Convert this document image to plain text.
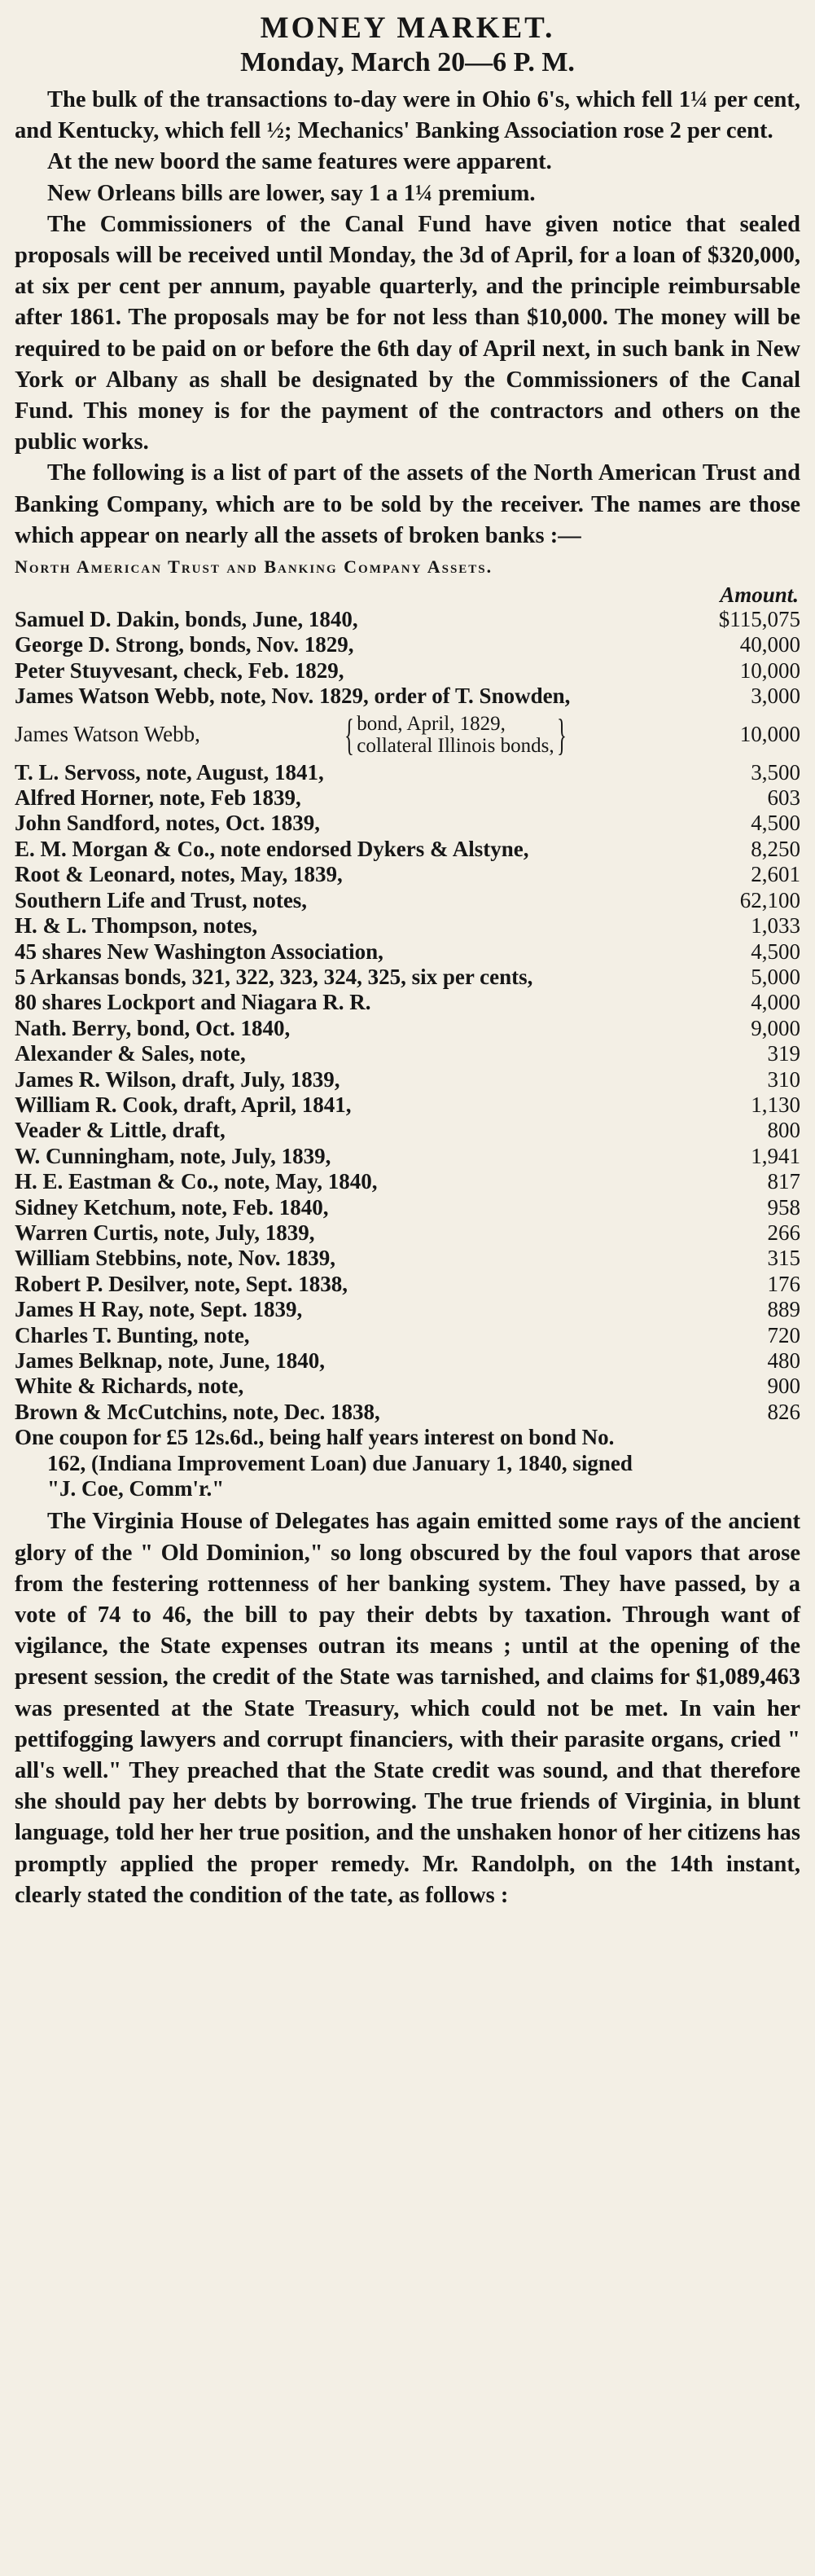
MONEY MARKET.
Monday, March 20—6 P. M.

The bulk of the transactions to-day were in Ohio 6's, which fell 1¼ per cent, and Kentucky, which fell ½; Mechanics' Banking Association rose 2 per cent.

At the new boord the same features were apparent.

New Orleans bills are lower, say 1 a 1¼ premium.

The Commissioners of the Canal Fund have given notice that sealed proposals will be received until Monday, the 3d of April, for a loan of $320,000, at six per cent per annum, payable quarterly, and the principle reimbursable after 1861. The proposals may be for not less than $10,000. The money will be required to be paid on or before the 6th day of April next, in such bank in New York or Albany as shall be designated by the Commissioners of the Canal Fund. This money is for the payment of the contractors and others on the public works.

The following is a list of part of the assets of the North American Trust and Banking Company, which are to be sold by the receiver. The names are those which appear on nearly all the assets of broken banks :—

North American Trust and Banking Company Assets.
Amount.
Samuel D. Dakin, bonds, June, 1840,	$115,075
George D. Strong, bonds, Nov. 1829,	40,000
Peter Stuyvesant, check, Feb. 1829,	10,000
James Watson Webb, note, Nov. 1829, order of T. Snowden,	3,000
James Watson Webb,	{ bond, April, 1829,
collateral Illinois bonds, }	10,000
T. L. Servoss, note, August, 1841,	3,500
Alfred Horner, note, Feb 1839,	603
John Sandford, notes, Oct. 1839,	4,500
E. M. Morgan & Co., note endorsed Dykers & Alstyne,	8,250
Root & Leonard, notes, May, 1839,	2,601
Southern Life and Trust, notes,	62,100
H. & L. Thompson, notes,	1,033
45 shares New Washington Association,	4,500
5 Arkansas bonds, 321, 322, 323, 324, 325, six per cents,	5,000
80 shares Lockport and Niagara R. R.	4,000
Nath. Berry, bond, Oct. 1840,	9,000
Alexander & Sales, note,	319
James R. Wilson, draft, July, 1839,	310
William R. Cook, draft, April, 1841,	1,130
Veader & Little, draft,	800
W. Cunningham, note, July, 1839,	1,941
H. E. Eastman & Co., note, May, 1840,	817
Sidney Ketchum, note, Feb. 1840,	958
Warren Curtis, note, July, 1839,	266
William Stebbins, note, Nov. 1839,	315
Robert P. Desilver, note, Sept. 1838,	176
James H Ray, note, Sept. 1839,	889
Charles T. Bunting, note,	720
James Belknap, note, June, 1840,	480
White & Richards, note,	900
Brown & McCutchins, note, Dec. 1838,	826
One coupon for £5 12s.6d., being half years interest on bond No. 162, (Indiana Improvement Loan) due January 1, 1840, signed "J. Coe, Comm'r."

The Virginia House of Delegates has again emitted some rays of the ancient glory of the " Old Dominion," so long obscured by the foul vapors that arose from the festering rottenness of her banking system. They have passed, by a vote of 74 to 46, the bill to pay their debts by taxation. Through want of vigilance, the State expenses outran its means ; until at the opening of the present session, the credit of the State was tarnished, and claims for $1,089,463 was presented at the State Treasury, which could not be met. In vain her pettifogging lawyers and corrupt financiers, with their parasite organs, cried " all's well." They preached that the State credit was sound, and that therefore she should pay her debts by borrowing. The true friends of Virginia, in blunt language, told her her true position, and the unshaken honor of her citizens has promptly applied the proper remedy. Mr. Randolph, on the 14th instant, clearly stated the condition of the tate, as follows :
